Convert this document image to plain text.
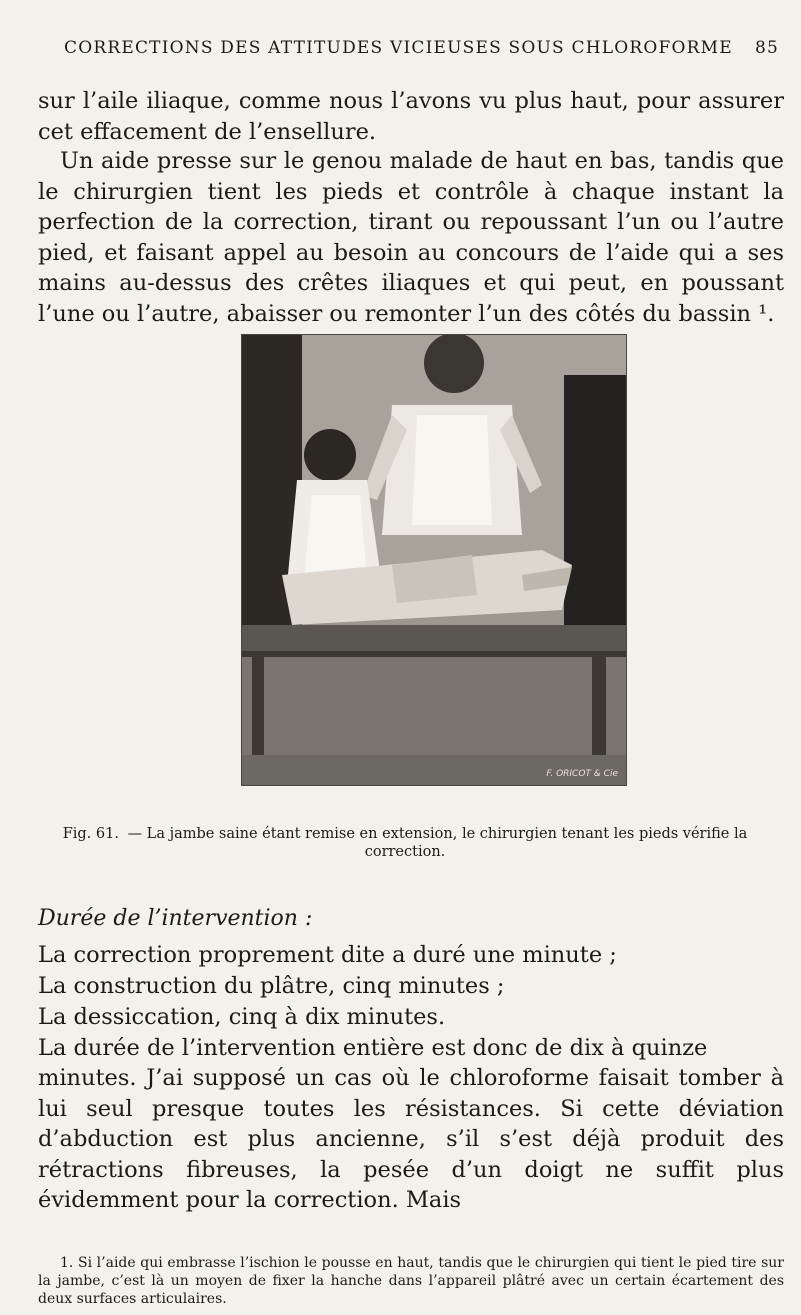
CORRECTIONS DES ATTITUDES VICIEUSES SOUS CHLOROFORME 85

sur l’aile iliaque, comme nous l’avons vu plus haut, pour assurer cet effacement de l’ensellure.

Un aide presse sur le genou malade de haut en bas, tandis que le chirurgien tient les pieds et contrôle à chaque instant la perfection de la correction, tirant ou repoussant l’un ou l’autre pied, et faisant appel au besoin au concours de l’aide qui a ses mains au-dessus des crêtes iliaques et qui peut, en poussant l’une ou l’autre, abaisser ou remonter l’un des côtés du bassin ¹.

F. ORICOT & Cie
Fig. 61. — La jambe saine étant remise en extension, le chirurgien tenant les pieds vérifie la correction.
Durée de l’intervention :
La correction proprement dite a duré une minute ;
La construction du plâtre, cinq minutes ;
La dessiccation, cinq à dix minutes.
La durée de l’intervention entière est donc de dix à quinze

minutes. J’ai supposé un cas où le chloroforme faisait tomber à lui seul presque toutes les résistances. Si cette déviation d’abduction est plus ancienne, s’il s’est déjà produit des rétractions fibreuses, la pesée d’un doigt ne suffit plus évidemment pour la correction. Mais

1. Si l’aide qui embrasse l’ischion le pousse en haut, tandis que le chirurgien qui tient le pied tire sur la jambe, c’est là un moyen de fixer la hanche dans l’appareil plâtré avec un certain écartement des deux surfaces articulaires.
